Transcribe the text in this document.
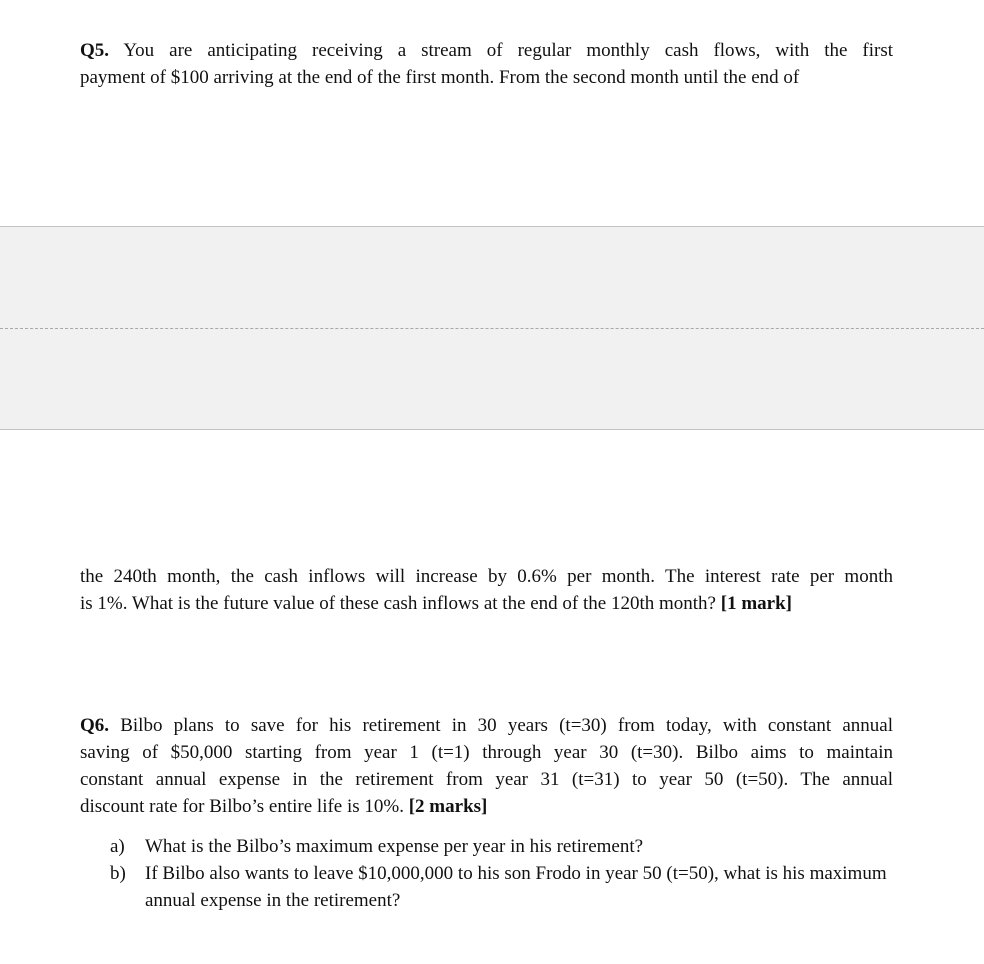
Q5. You are anticipating receiving a stream of regular monthly cash flows, with the first
payment of $100 arriving at the end of the first month. From the second month until the end of
the 240th month, the cash inflows will increase by 0.6% per month. The interest rate per month
is 1%. What is the future value of these cash inflows at the end of the 120th month? [1 mark]
Q6. Bilbo plans to save for his retirement in 30 years (t=30) from today, with constant annual
saving of $50,000 starting from year 1 (t=1) through year 30 (t=30). Bilbo aims to maintain
constant annual expense in the retirement from year 31 (t=31) to year 50 (t=50). The annual
discount rate for Bilbo’s entire life is 10%. [2 marks]
a) What is the Bilbo’s maximum expense per year in his retirement?
b) If Bilbo also wants to leave $10,000,000 to his son Frodo in year 50 (t=50), what is his maximum annual expense in the retirement?
